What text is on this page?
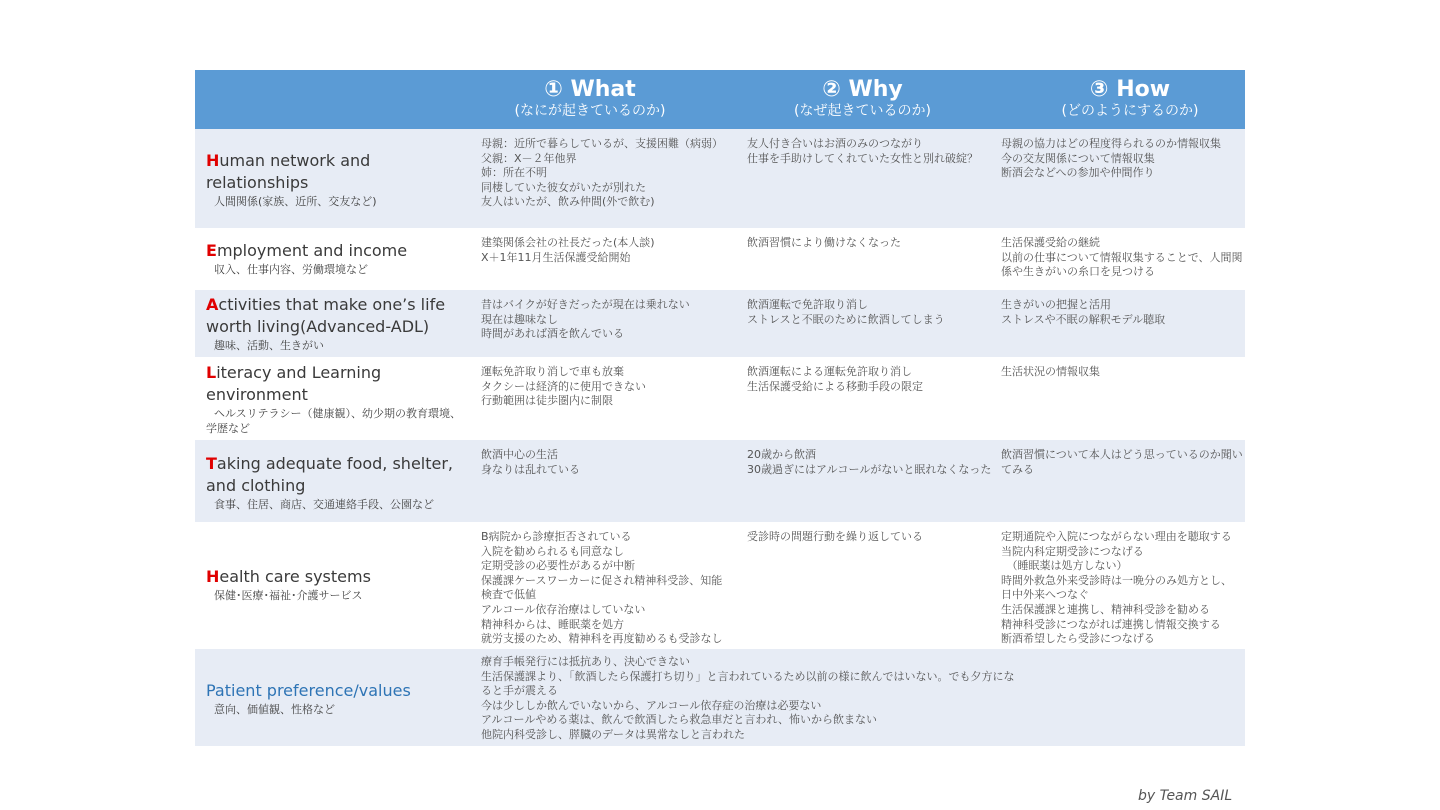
① What
(なにが起きているのか)
② Why
(なぜ起きているのか)
③ How
(どのようにするのか)
Human network and
relationships
人間関係(家族、近所、交友など)
母親：近所で暮らしているが、支援困難（病弱）
父親：X－２年他界
姉：所在不明
同棲していた彼女がいたが別れた
友人はいたが、飲み仲間(外で飲む)
友人付き合いはお酒のみのつながり
仕事を手助けしてくれていた女性と別れ破綻？
母親の協力はどの程度得られるのか情報収集
今の交友関係について情報収集
断酒会などへの参加や仲間作り
Employment and income
収入、仕事内容、労働環境など
建築関係会社の社長だった(本人談)
X＋1年11月生活保護受給開始
飲酒習慣により働けなくなった	生活保護受給の継続
以前の仕事について情報収集することで、人間関
係や生きがいの糸口を見つける
Activities that make one’s life
worth living(Advanced-ADL)
趣味、活動、生きがい
昔はバイクが好きだったが現在は乗れない
現在は趣味なし
時間があれば酒を飲んでいる
飲酒運転で免許取り消し
ストレスと不眠のために飲酒してしまう
生きがいの把握と活用
ストレスや不眠の解釈モデル聴取
Literacy and Learning
environment
ヘルスリテラシー（健康観）、幼少期の教育環境、
学歴など
運転免許取り消しで車も放棄
タクシーは経済的に使用できない
行動範囲は徒歩圏内に制限
飲酒運転による運転免許取り消し
生活保護受給による移動手段の限定
生活状況の情報収集
Taking adequate food, shelter,
and clothing
食事、住居、商店、交通連絡手段、公園など
飲酒中心の生活
身なりは乱れている
20歳から飲酒
30歳過ぎにはアルコールがないと眠れなくなった
飲酒習慣について本人はどう思っているのか聞い
てみる
Health care systems
保健･医療･福祉･介護サービス
B病院から診療拒否されている
入院を勧められるも同意なし
定期受診の必要性があるが中断
保護課ケースワーカーに促され精神科受診、知能
検査で低値
アルコール依存治療はしていない
精神科からは、睡眠薬を処方
就労支援のため、精神科を再度勧めるも受診なし
受診時の問題行動を繰り返している	定期通院や入院につながらない理由を聴取する
当院内科定期受診につなげる
　（睡眠薬は処方しない）
時間外救急外来受診時は一晩分のみ処方とし、
日中外来へつなぐ
生活保護課と連携し、精神科受診を勧める
精神科受診につながれば連携し情報交換する
断酒希望したら受診につなげる
Patient preference/values
意向、価値観、性格など
療育手帳発行には抵抗あり、決心できない
生活保護課より、「飲酒したら保護打ち切り」と言われているため以前の様に飲んではいない。でも夕方にな
ると手が震える
今は少ししか飲んでいないから、アルコール依存症の治療は必要ない
アルコールやめる薬は、飲んで飲酒したら救急車だと言われ、怖いから飲まない
他院内科受診し、膵臓のデータは異常なしと言われた
by Team SAIL
